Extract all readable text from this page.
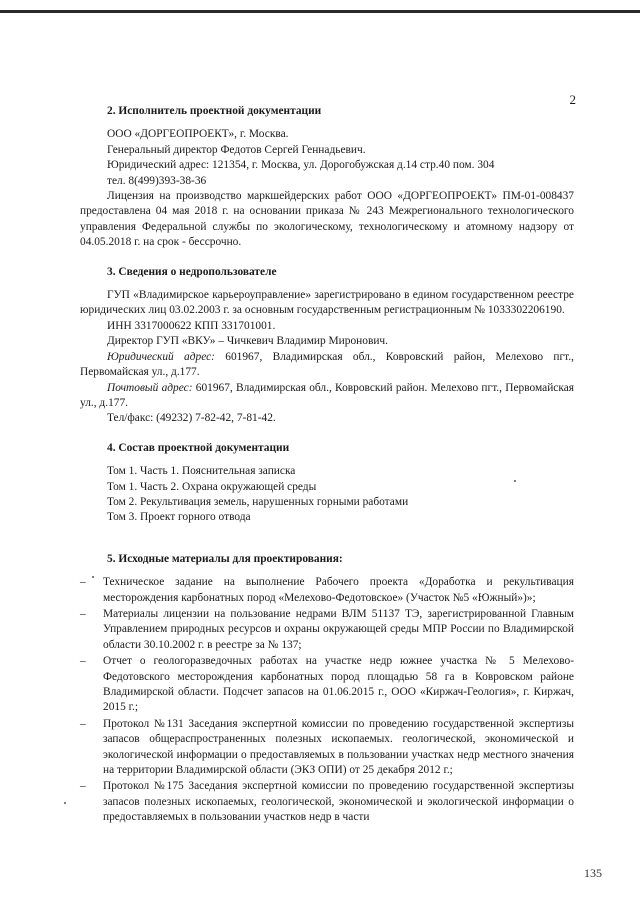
2
2. Исполнитель проектной документации

ООО «ДОРГЕОПРОЕКТ», г. Москва.

Генеральный директор Федотов Сергей Геннадьевич.

Юридический адрес: 121354, г. Москва, ул. Дорогобужская д.14 стр.40 пом. 304

тел. 8(499)393-38-36

Лицензия на производство маркшейдерских работ ООО «ДОРГЕОПРОЕКТ» ПМ-01-008437 предоставлена 04 мая 2018 г. на основании приказа № 243 Межрегионального технологического управления Федеральной службы по экологическому, технологическому и атомному надзору от 04.05.2018 г. на срок - бессрочно.

3. Сведения о недропользователе

ГУП «Владимирское карьероуправление» зарегистрировано в едином государственном реестре юридических лиц 03.02.2003 г. за основным государственным регистрационным № 1033302206190.

ИНН 3317000622 КПП 331701001.

Директор ГУП «ВКУ» – Чичкевич Владимир Миронович.

Юридический адрес: 601967, Владимирская обл., Ковровский район, Мелехово пгт., Первомайская ул., д.177.

Почтовый адрес: 601967, Владимирская обл., Ковровский район. Мелехово пгт., Первомайская ул., д.177.

Тел/факс: (49232) 7-82-42, 7-81-42.

4. Состав проектной документации

Том 1. Часть 1. Пояснительная записка

Том 1. Часть 2. Охрана окружающей среды

Том 2. Рекультивация земель, нарушенных горными работами

Том 3. Проект горного отвода

5. Исходные материалы для проектирования:
– Техническое задание на выполнение Рабочего проекта «Доработка и рекультивация месторождения карбонатных пород «Мелехово-Федотовское» (Участок №5 «Южный»)»;
– Материалы лицензии на пользование недрами ВЛМ 51137 ТЭ, зарегистрированной Главным Управлением природных ресурсов и охраны окружающей среды МПР России по Владимирской области 30.10.2002 г. в реестре за № 137;
– Отчет о геологоразведочных работах на участке недр южнее участка № 5 Мелехово-Федотовского месторождения карбонатных пород площадью 58 га в Ковровском районе Владимирской области. Подсчет запасов на 01.06.2015 г., ООО «Киржач-Геология», г. Киржач, 2015 г.;
– Протокол №131 Заседания экспертной комиссии по проведению государственной экспертизы запасов общераспространенных полезных ископаемых. геологической, экономической и экологической информации о предоставляемых в пользовании участках недр местного значения на территории Владимирской области (ЭКЗ ОПИ) от 25 декабря 2012 г.;
– Протокол №175 Заседания экспертной комиссии по проведению государственной экспертизы запасов полезных ископаемых, геологической, экономической и экологической информации о предоставляемых в пользовании участков недр в части
135
